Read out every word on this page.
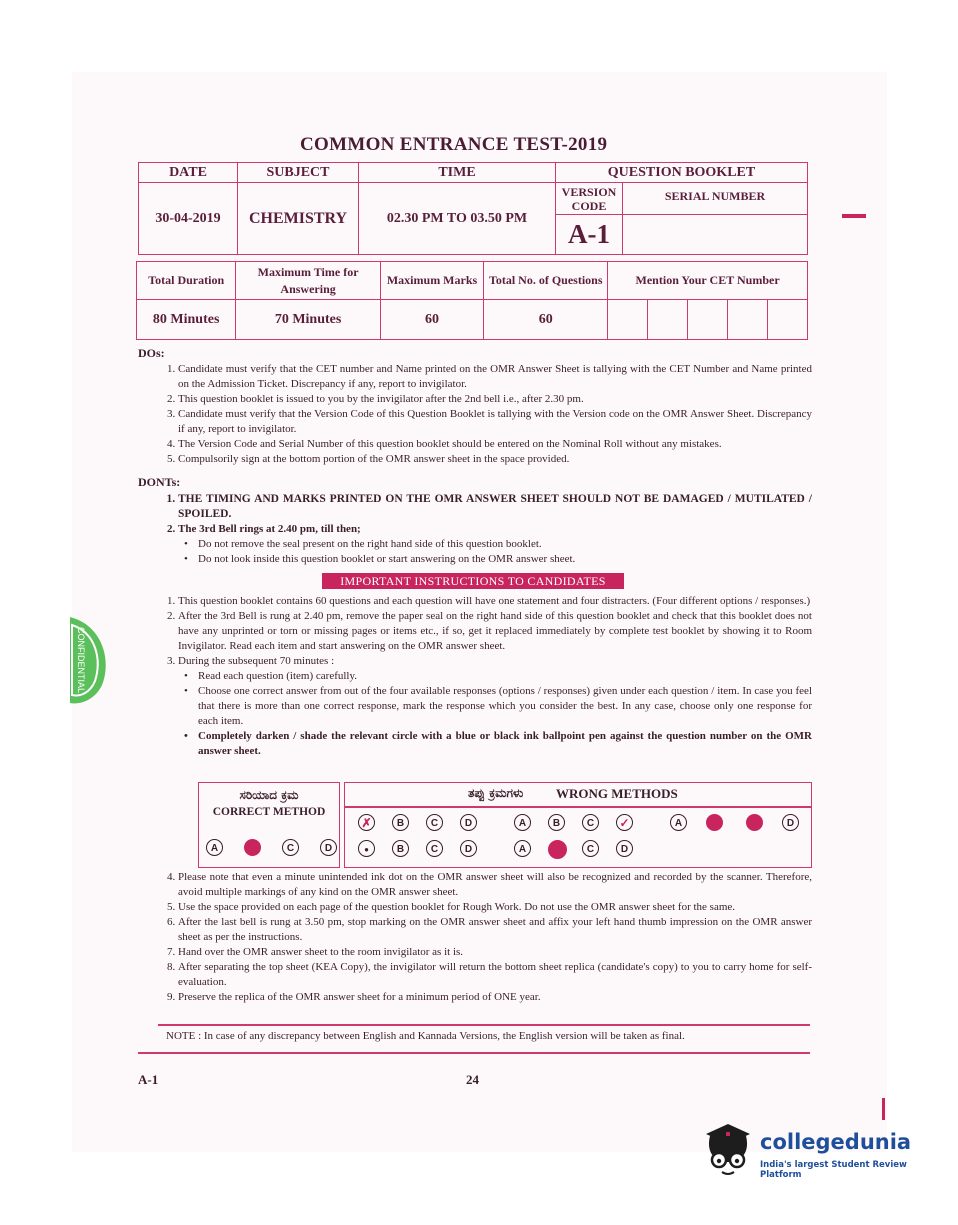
COMMON ENTRANCE TEST-2019
DATE	SUBJECT	TIME	QUESTION BOOKLET	
30-04-2019	CHEMISTRY	02.30 PM TO 03.50 PM	VERSION CODE	SERIAL NUMBER
			A-1	
Total Duration	Maximum Time for Answering	Maximum Marks	Total No. of Questions	Mention Your CET Number				
80 Minutes	70 Minutes	60	60					
DOs:
1. Candidate must verify that the CET number and Name printed on the OMR Answer Sheet is tallying with the CET Number and Name printed on the Admission Ticket. Discrepancy if any, report to invigilator.
2. This question booklet is issued to you by the invigilator after the 2nd bell i.e., after 2.30 pm.
3. Candidate must verify that the Version Code of this Question Booklet is tallying with the Version code on the OMR Answer Sheet. Discrepancy if any, report to invigilator.
4. The Version Code and Serial Number of this question booklet should be entered on the Nominal Roll without any mistakes.
5. Compulsorily sign at the bottom portion of the OMR answer sheet in the space provided.
DONTs:
1. THE TIMING AND MARKS PRINTED ON THE OMR ANSWER SHEET SHOULD NOT BE DAMAGED / MUTILATED / SPOILED.
2. The 3rd Bell rings at 2.40 pm, till then;
• Do not remove the seal present on the right hand side of this question booklet.
• Do not look inside this question booklet or start answering on the OMR answer sheet.
IMPORTANT INSTRUCTIONS TO CANDIDATES
1. This question booklet contains 60 questions and each question will have one statement and four distracters. (Four different options / responses.)
2. After the 3rd Bell is rung at 2.40 pm, remove the paper seal on the right hand side of this question booklet and check that this booklet does not have any unprinted or torn or missing pages or items etc., if so, get it replaced immediately by complete test booklet by showing it to Room Invigilator. Read each item and start answering on the OMR answer sheet.
3. During the subsequent 70 minutes :
• Read each question (item) carefully.
• Choose one correct answer from out of the four available responses (options / responses) given under each question / item. In case you feel that there is more than one correct response, mark the response which you consider the best. In any case, choose only one response for each item.
• Completely darken / shade the relevant circle with a blue or black ink ballpoint pen against the question number on the OMR answer sheet.
ಸರಿಯಾದ ಕ್ರಮ
CORRECT METHOD
ತಪ್ಪು ಕ್ರಮಗಳು	WRONG METHODS
A	C	D
✗	B	C	D	A	B	C	✓	A	D
●	B	C	D	A	C	D
4. Please note that even a minute unintended ink dot on the OMR answer sheet will also be recognized and recorded by the scanner. Therefore, avoid multiple markings of any kind on the OMR answer sheet.
5. Use the space provided on each page of the question booklet for Rough Work. Do not use the OMR answer sheet for the same.
6. After the last bell is rung at 3.50 pm, stop marking on the OMR answer sheet and affix your left hand thumb impression on the OMR answer sheet as per the instructions.
7. Hand over the OMR answer sheet to the room invigilator as it is.
8. After separating the top sheet (KEA Copy), the invigilator will return the bottom sheet replica (candidate's copy) to you to carry home for self-evaluation.
9. Preserve the replica of the OMR answer sheet for a minimum period of ONE year.
NOTE : In case of any discrepancy between English and Kannada Versions, the English version will be taken as final.
A-1	24
CONFIDENTIAL
collegedunia
India's largest Student Review Platform
